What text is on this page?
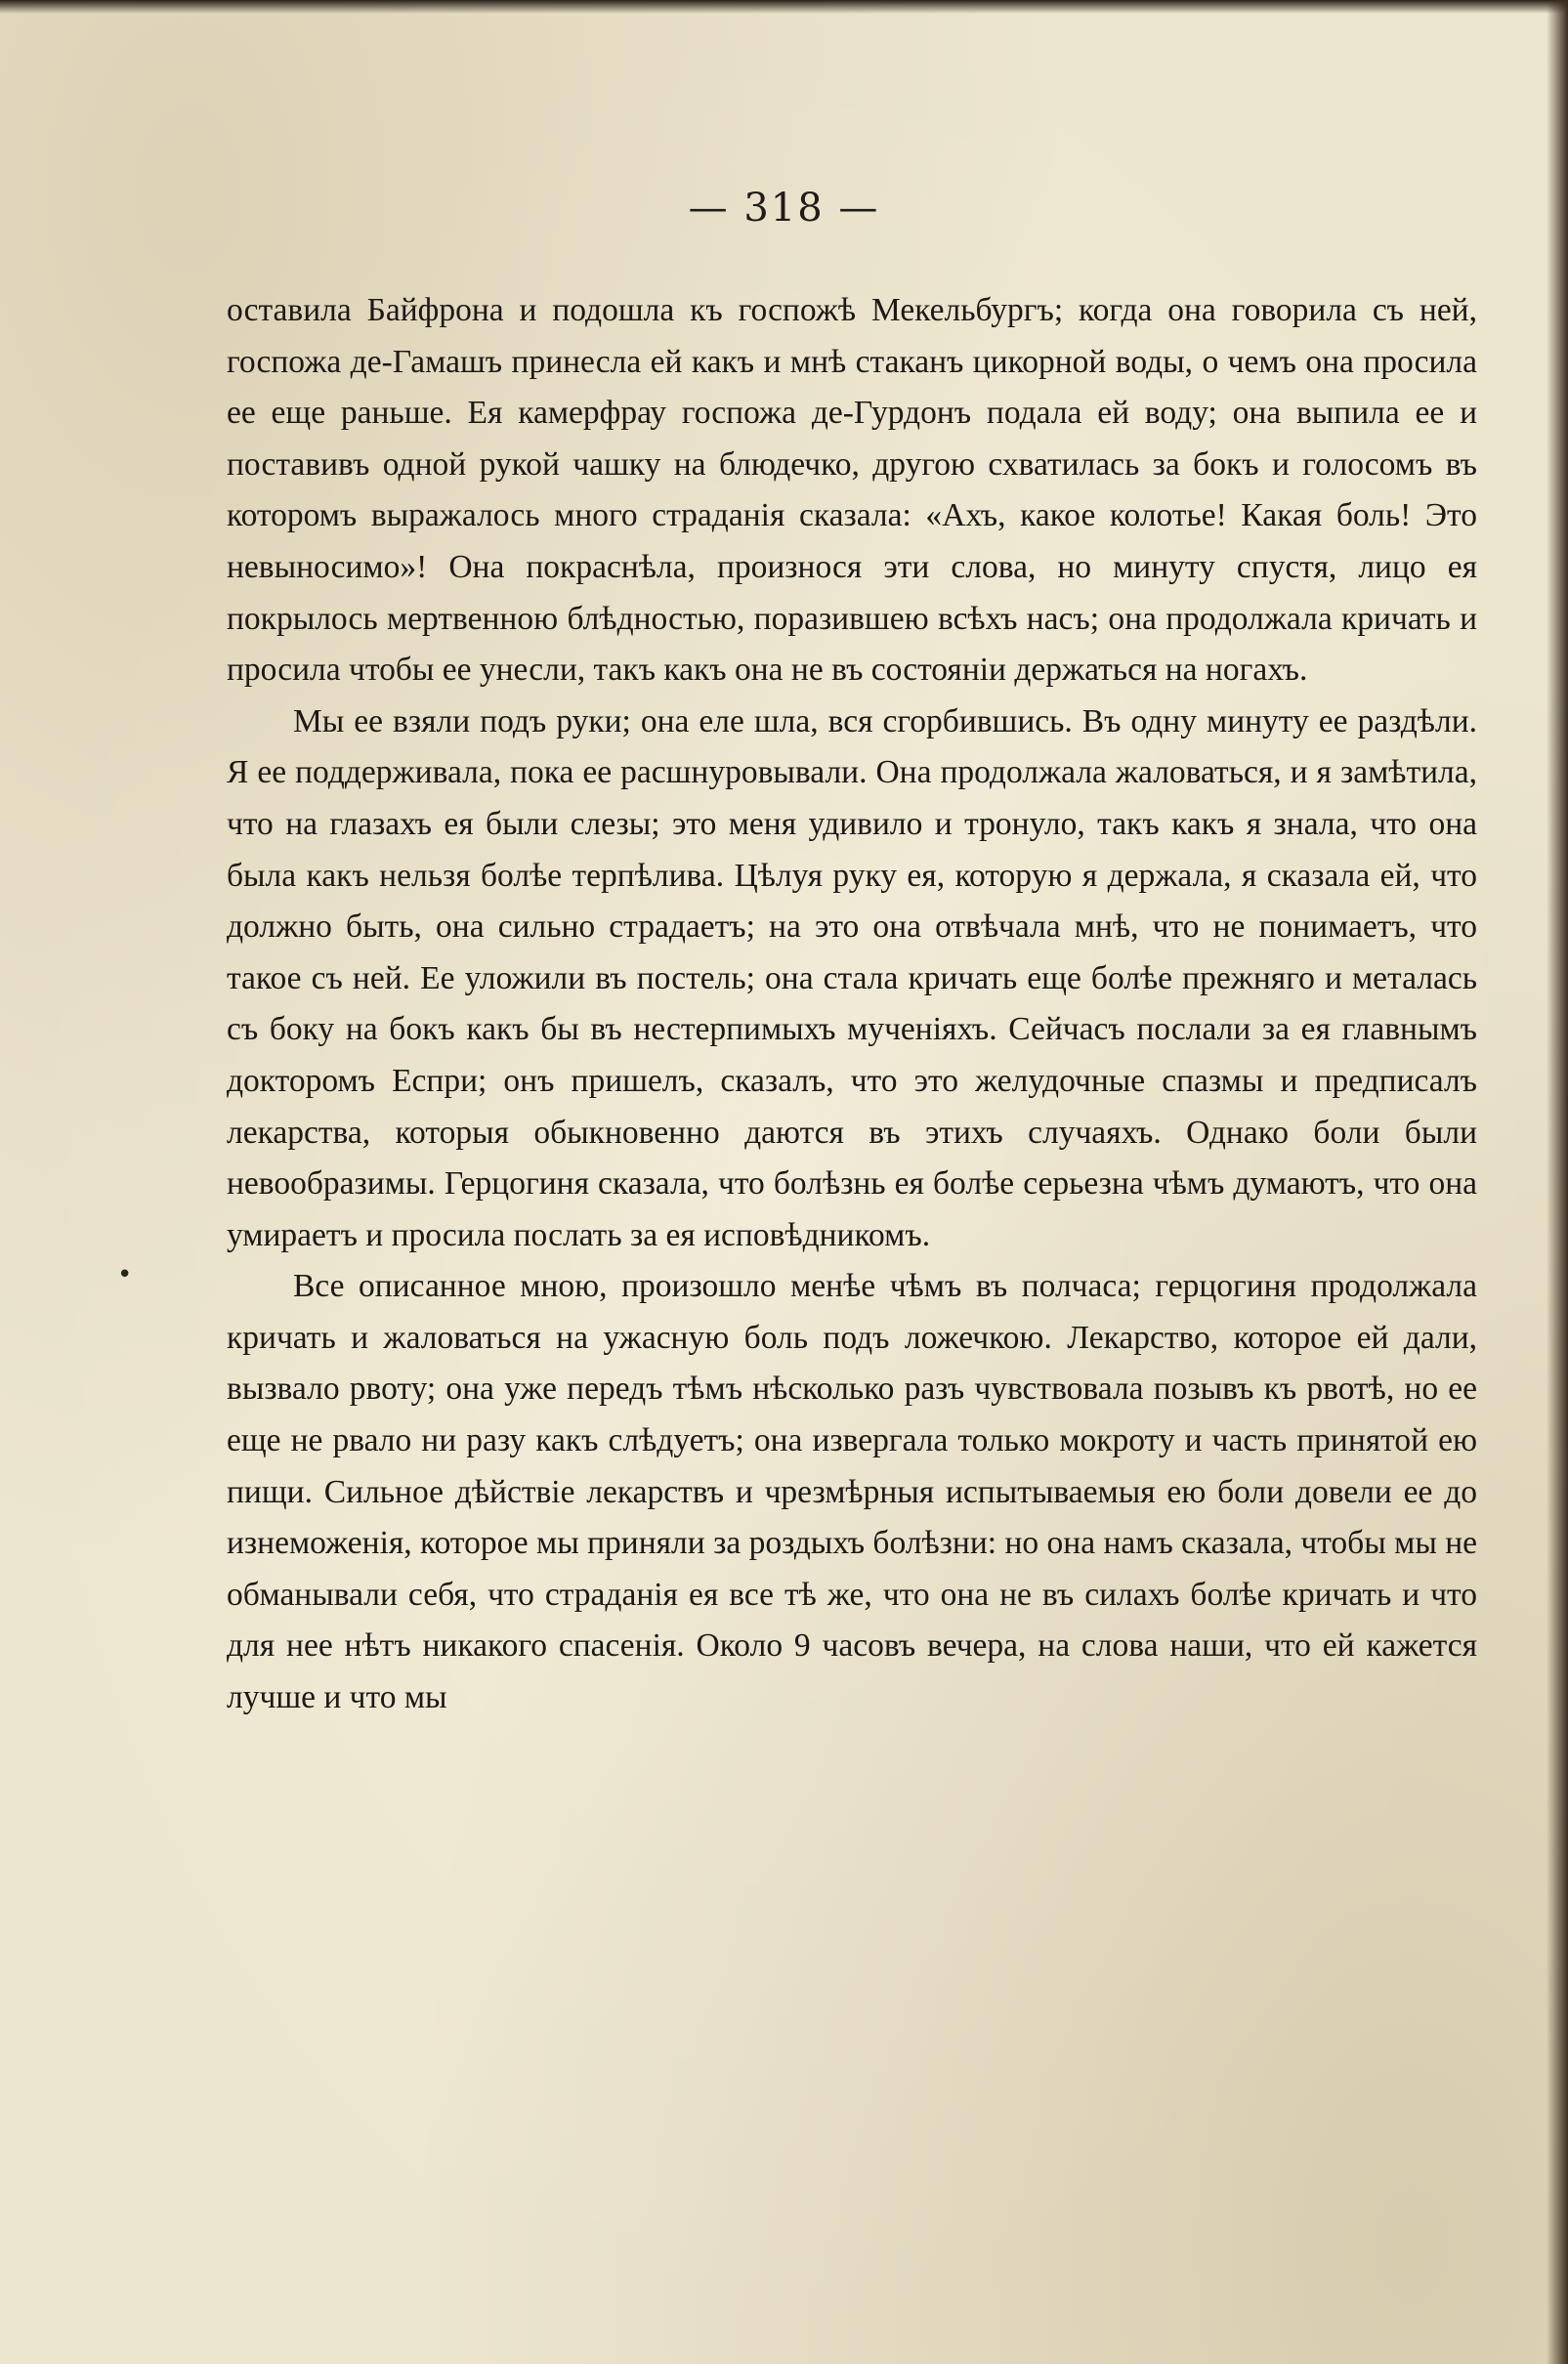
— 318 —

оставила Байфрона и подошла къ госпожѣ Мекельбургъ; когда она говорила съ ней, госпожа де-Гамашъ принесла ей какъ и мнѣ стаканъ цикорной воды, о чемъ она просила ее еще раньше. Ея камерфрау госпожа де-Гурдонъ подала ей воду; она выпила ее и поставивъ одной рукой чашку на блюдечко, другою схватилась за бокъ и голосомъ въ которомъ выражалось много страданія сказала: «Ахъ, какое колотье! Какая боль! Это невыносимо»! Она покраснѣла, произнося эти слова, но минуту спустя, лицо ея покрылось мертвенною блѣдностью, поразившею всѣхъ насъ; она продолжала кричать и просила чтобы ее унесли, такъ какъ она не въ состояніи держаться на ногахъ.

Мы ее взяли подъ руки; она еле шла, вся сгорбившись. Въ одну минуту ее раздѣли. Я ее поддерживала, пока ее расшнуровывали. Она продолжала жаловаться, и я замѣтила, что на глазахъ ея были слезы; это меня удивило и тронуло, такъ какъ я знала, что она была какъ нельзя болѣе терпѣлива. Цѣлуя руку ея, которую я держала, я сказала ей, что должно быть, она сильно страдаетъ; на это она отвѣчала мнѣ, что не понимаетъ, что такое съ ней. Ее уложили въ постель; она стала кричать еще болѣе прежняго и металась съ боку на бокъ какъ бы въ нестерпимыхъ мученіяхъ. Сейчасъ послали за ея главнымъ докторомъ Еспри; онъ пришелъ, сказалъ, что это желудочные спазмы и предписалъ лекарства, которыя обыкновенно даются въ этихъ случаяхъ. Однако боли были невообразимы. Герцогиня сказала, что болѣзнь ея болѣе серьезна чѣмъ думаютъ, что она умираетъ и просила послать за ея исповѣдникомъ.

Все описанное мною, произошло менѣе чѣмъ въ полчаса; герцогиня продолжала кричать и жаловаться на ужасную боль подъ ложечкою. Лекарство, которое ей дали, вызвало рвоту; она уже передъ тѣмъ нѣсколько разъ чувствовала позывъ къ рвотѣ, но ее еще не рвало ни разу какъ слѣдуетъ; она извергала только мокроту и часть принятой ею пищи. Сильное дѣйствіе лекарствъ и чрезмѣрныя испытываемыя ею боли довели ее до изнеможенія, которое мы приняли за роздыхъ болѣзни: но она намъ сказала, чтобы мы не обманывали себя, что страданія ея все тѣ же, что она не въ силахъ болѣе кричать и что для нее нѣтъ никакого спасенія. Около 9 часовъ вечера, на слова наши, что ей кажется лучше и что мы

•
